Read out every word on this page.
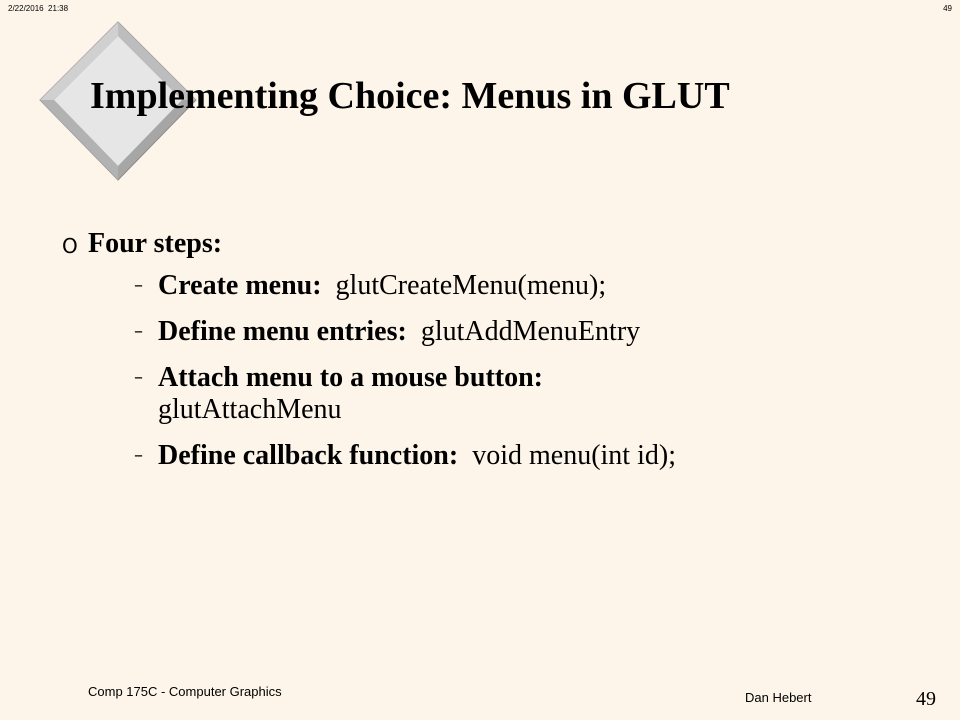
2/22/2016 21:38	49
Implementing Choice: Menus in GLUT
O Four steps:
– Create menu: glutCreateMenu(menu);
– Define menu entries: glutAddMenuEntry
– Attach menu to a mouse button:
glutAttachMenu
– Define callback function: void menu(int id);
Comp 175C - Computer Graphics	Dan Hebert	49
